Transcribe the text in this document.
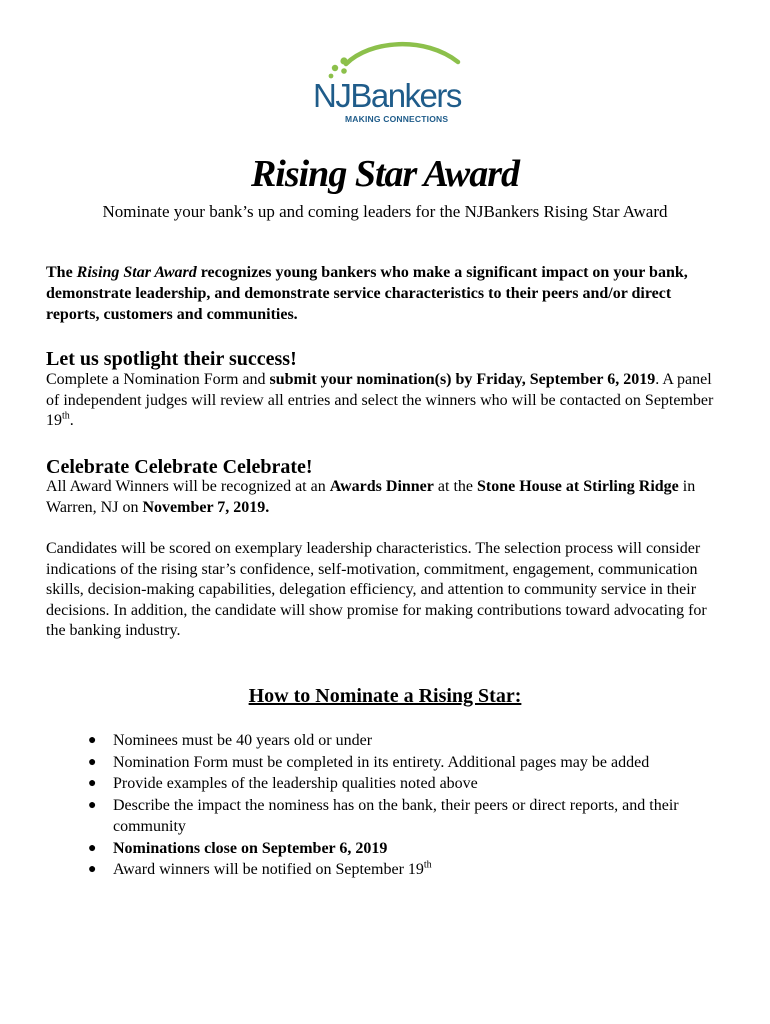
NJBankers
MAKING CONNECTIONS
Rising Star Award

Nominate your bank’s up and coming leaders for the NJBankers Rising Star Award

The Rising Star Award recognizes young bankers who make a significant impact on your bank, demonstrate leadership, and demonstrate service characteristics to their peers and/or direct reports, customers and communities.

Let us spotlight their success!

Complete a Nomination Form and submit your nomination(s) by Friday, September 6, 2019. A panel of independent judges will review all entries and select the winners who will be contacted on September 19th.

Celebrate Celebrate Celebrate!

All Award Winners will be recognized at an Awards Dinner at the Stone House at Stirling Ridge in Warren, NJ on November 7, 2019.

Candidates will be scored on exemplary leadership characteristics. The selection process will consider indications of the rising star’s confidence, self-motivation, commitment, engagement, communication skills, decision-making capabilities, delegation efficiency, and attention to community service in their decisions. In addition, the candidate will show promise for making contributions toward advocating for the banking industry.

How to Nominate a Rising Star:
● Nominees must be 40 years old or under
● Nomination Form must be completed in its entirety. Additional pages may be added
● Provide examples of the leadership qualities noted above
● Describe the impact the nominess has on the bank, their peers or direct reports, and their community
● Nominations close on September 6, 2019
● Award winners will be notified on September 19th
